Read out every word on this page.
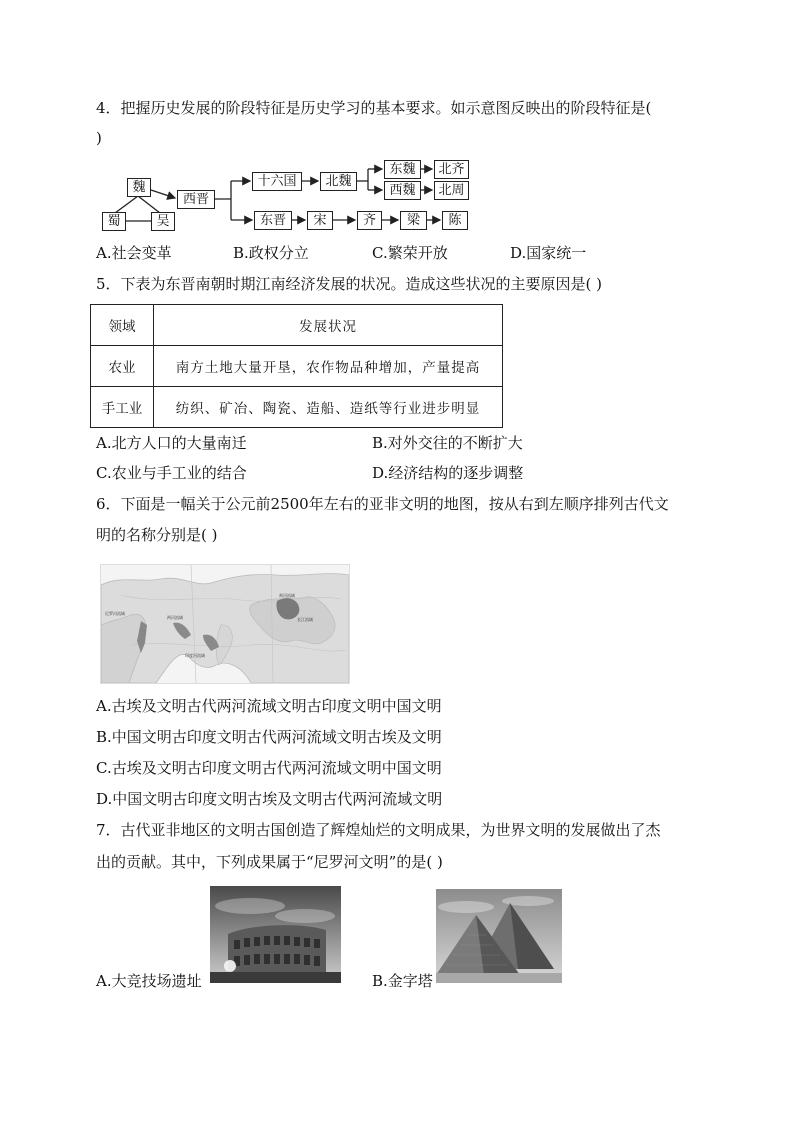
4．把握历史发展的阶段特征是历史学习的基本要求。如示意图反映出的阶段特征是(
)
魏
蜀	吴
西晋
十六国	北魏
东魏
西魏
北齐
北周
东晋	宋	齐	梁	陈
A.社会变革	B.政权分立	C.繁荣开放	D.国家统一
5．下表为东晋南朝时期江南经济发展的状况。造成这些状况的主要原因是( )
领域	发展状况
农业	南方土地大量开垦，农作物品种增加，产量提高
手工业	纺织、矿冶、陶瓷、造船、造纸等行业进步明显
A.北方人口的大量南迁	B.对外交往的不断扩大
C.农业与手工业的结合	D.经济结构的逐步调整
6．下面是一幅关于公元前2500年左右的亚非文明的地图，按从右到左顺序排列古代文
明的名称分别是( )
黄河流域
尼罗河流域
两河流域
印度河流域
长江流域
A.古埃及文明古代两河流域文明古印度文明中国文明
B.中国文明古印度文明古代两河流域文明古埃及文明
C.古埃及文明古印度文明古代两河流域文明中国文明
D.中国文明古印度文明古埃及文明古代两河流域文明
7．古代亚非地区的文明古国创造了辉煌灿烂的文明成果，为世界文明的发展做出了杰
出的贡献。其中，下列成果属于“尼罗河文明”的是( )
A.大竞技场遗址	B.金字塔
